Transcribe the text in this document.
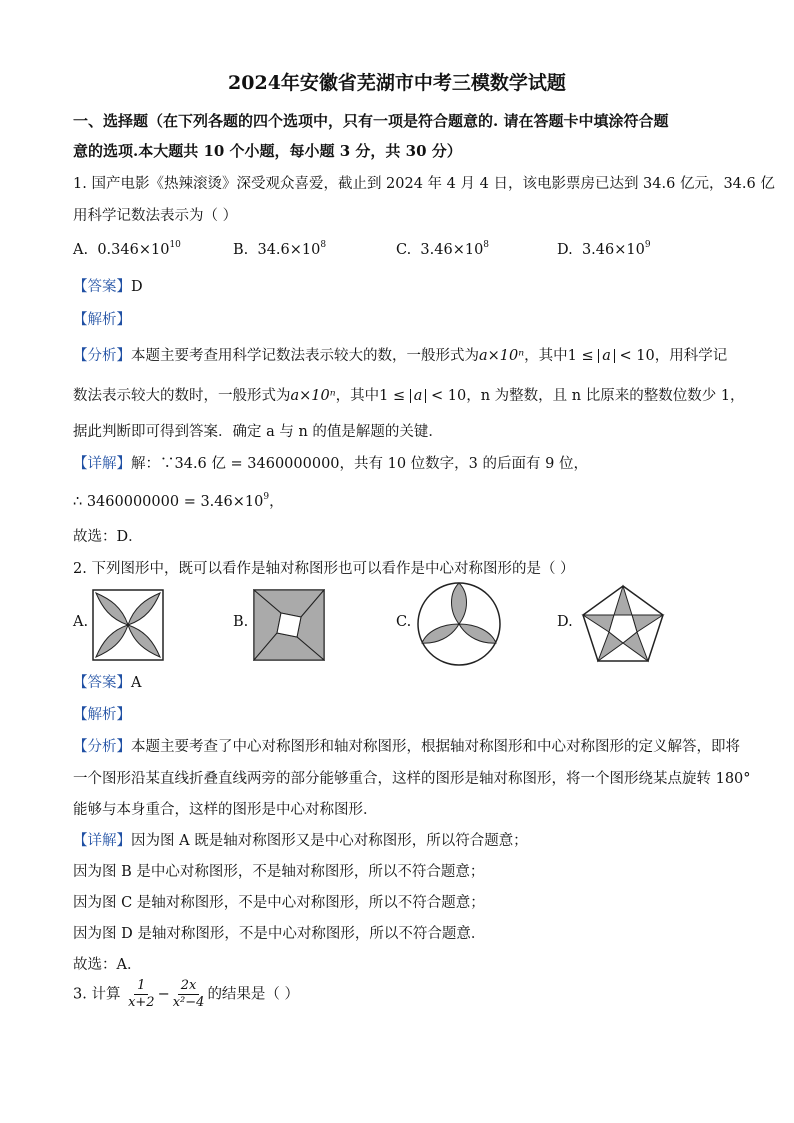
2024年安徽省芜湖市中考三模数学试题
一、选择题（在下列各题的四个选项中，只有一项是符合题意的. 请在答题卡中填涂符合题
意的选项.本大题共 10 个小题，每小题 3 分，共 30 分）
1. 国产电影《热辣滚烫》深受观众喜爱，截止到 2024 年 4 月 4 日，该电影票房已达到 34.6 亿元，34.6 亿
用科学记数法表示为（ ）
A. $0.346\times 10^{10}$	B. $34.6\times 10^8$	C. $3.46\times 10^8$	D. $3.46\times 10^9$
【答案】D
【解析】
【分析】本题主要考查用科学记数法表示较大的数，一般形式为a×10ⁿ，其中1 ≤ a < 10，用科学记
数法表示较大的数时，一般形式为a×10ⁿ，其中1 ≤ a < 10，n 为整数，且 n 比原来的整数位数少 1，
据此判断即可得到答案．确定 a 与 n 的值是解题的关键．
【详解】解：∵34.6 亿 = 3460000000，共有 10 位数字，3 的后面有 9 位，
∴ $3460000000 = 3.46\times 10^9$，
故选：D．
2. 下列图形中，既可以看作是轴对称图形也可以看作是中心对称图形的是（ ）
A.	B.	C.	D.
【答案】A
【解析】
【分析】本题主要考查了中心对称图形和轴对称图形，根据轴对称图形和中心对称图形的定义解答，即将
一个图形沿某直线折叠直线两旁的部分能够重合，这样的图形是轴对称图形，将一个图形绕某点旋转 180°
能够与本身重合，这样的图形是中心对称图形．
【详解】因为图 A 既是轴对称图形又是中心对称图形，所以符合题意；
因为图 B 是中心对称图形，不是轴对称图形，所以不符合题意；
因为图 C 是轴对称图形，不是中心对称图形，所以不符合题意；
因为图 D 是轴对称图形，不是中心对称图形，所以不符合题意．
故选：A．
3. 计算 $\frac{1}{x+2} - \frac{2x}{\text{x²−4}}$ 的结果是（ ）
